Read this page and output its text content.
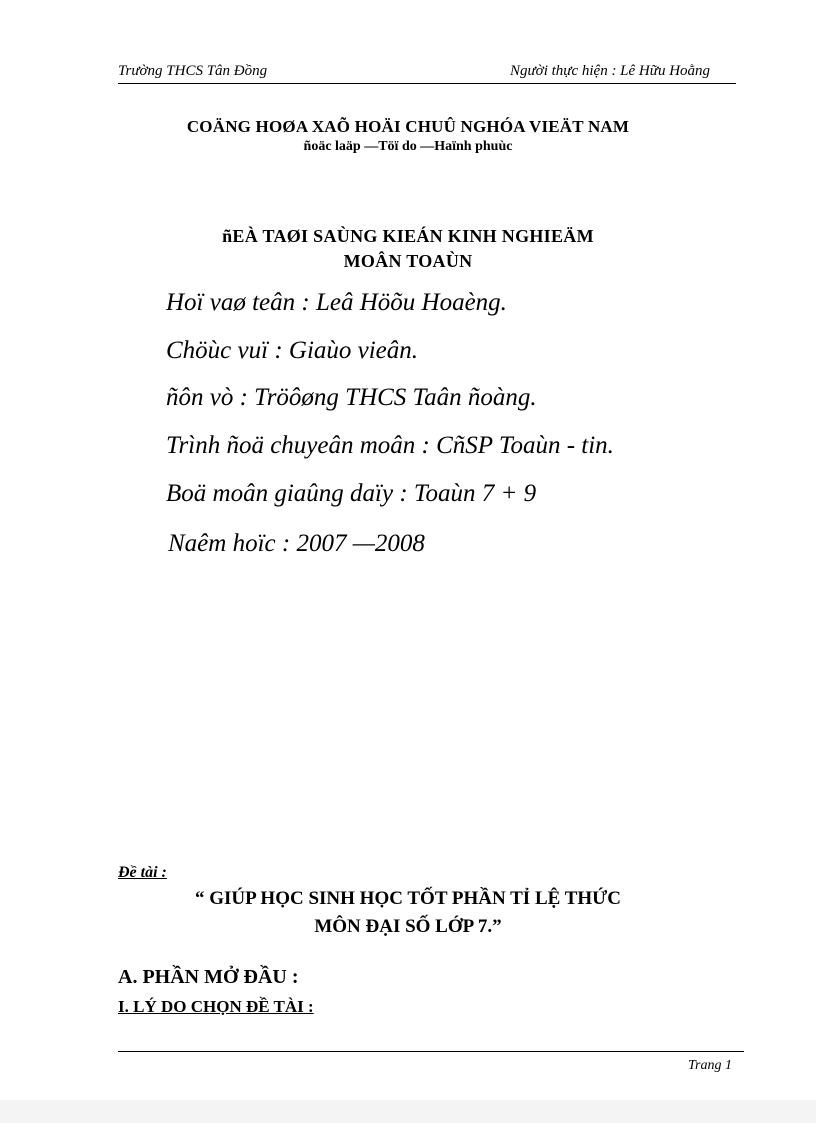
Trường THCS Tân Đồng	Người thực hiện : Lê Hữu Hoằng
COÄNG HOØA XAÕ HOÄI CHUÛ NGHÓA VIEÄT NAM
ñoäc laäp —Töï do —Haïnh phuùc
ñEÀ TAØI SAÙNG KIEÁN KINH NGHIEÄM
MOÂN TOAÙN
Hoï vaø teân : Leâ Höõu Hoaèng.
Chöùc vuï : Giaùo vieân.
ñôn vò : Tröôøng THCS Taân ñoàng.
Trình ñoä chuyeân moân : CñSP Toaùn - tin.
Boä moân giaûng daïy : Toaùn 7 + 9
Naêm hoïc : 2007 —2008
Đề tài :
“ GIÚP HỌC SINH HỌC TỐT PHẦN TỈ LỆ THỨC
MÔN ĐẠI SỐ LỚP 7.”
A. PHẦN MỞ ĐẦU :
I. LÝ DO CHỌN ĐỀ TÀI :
Trang 1
